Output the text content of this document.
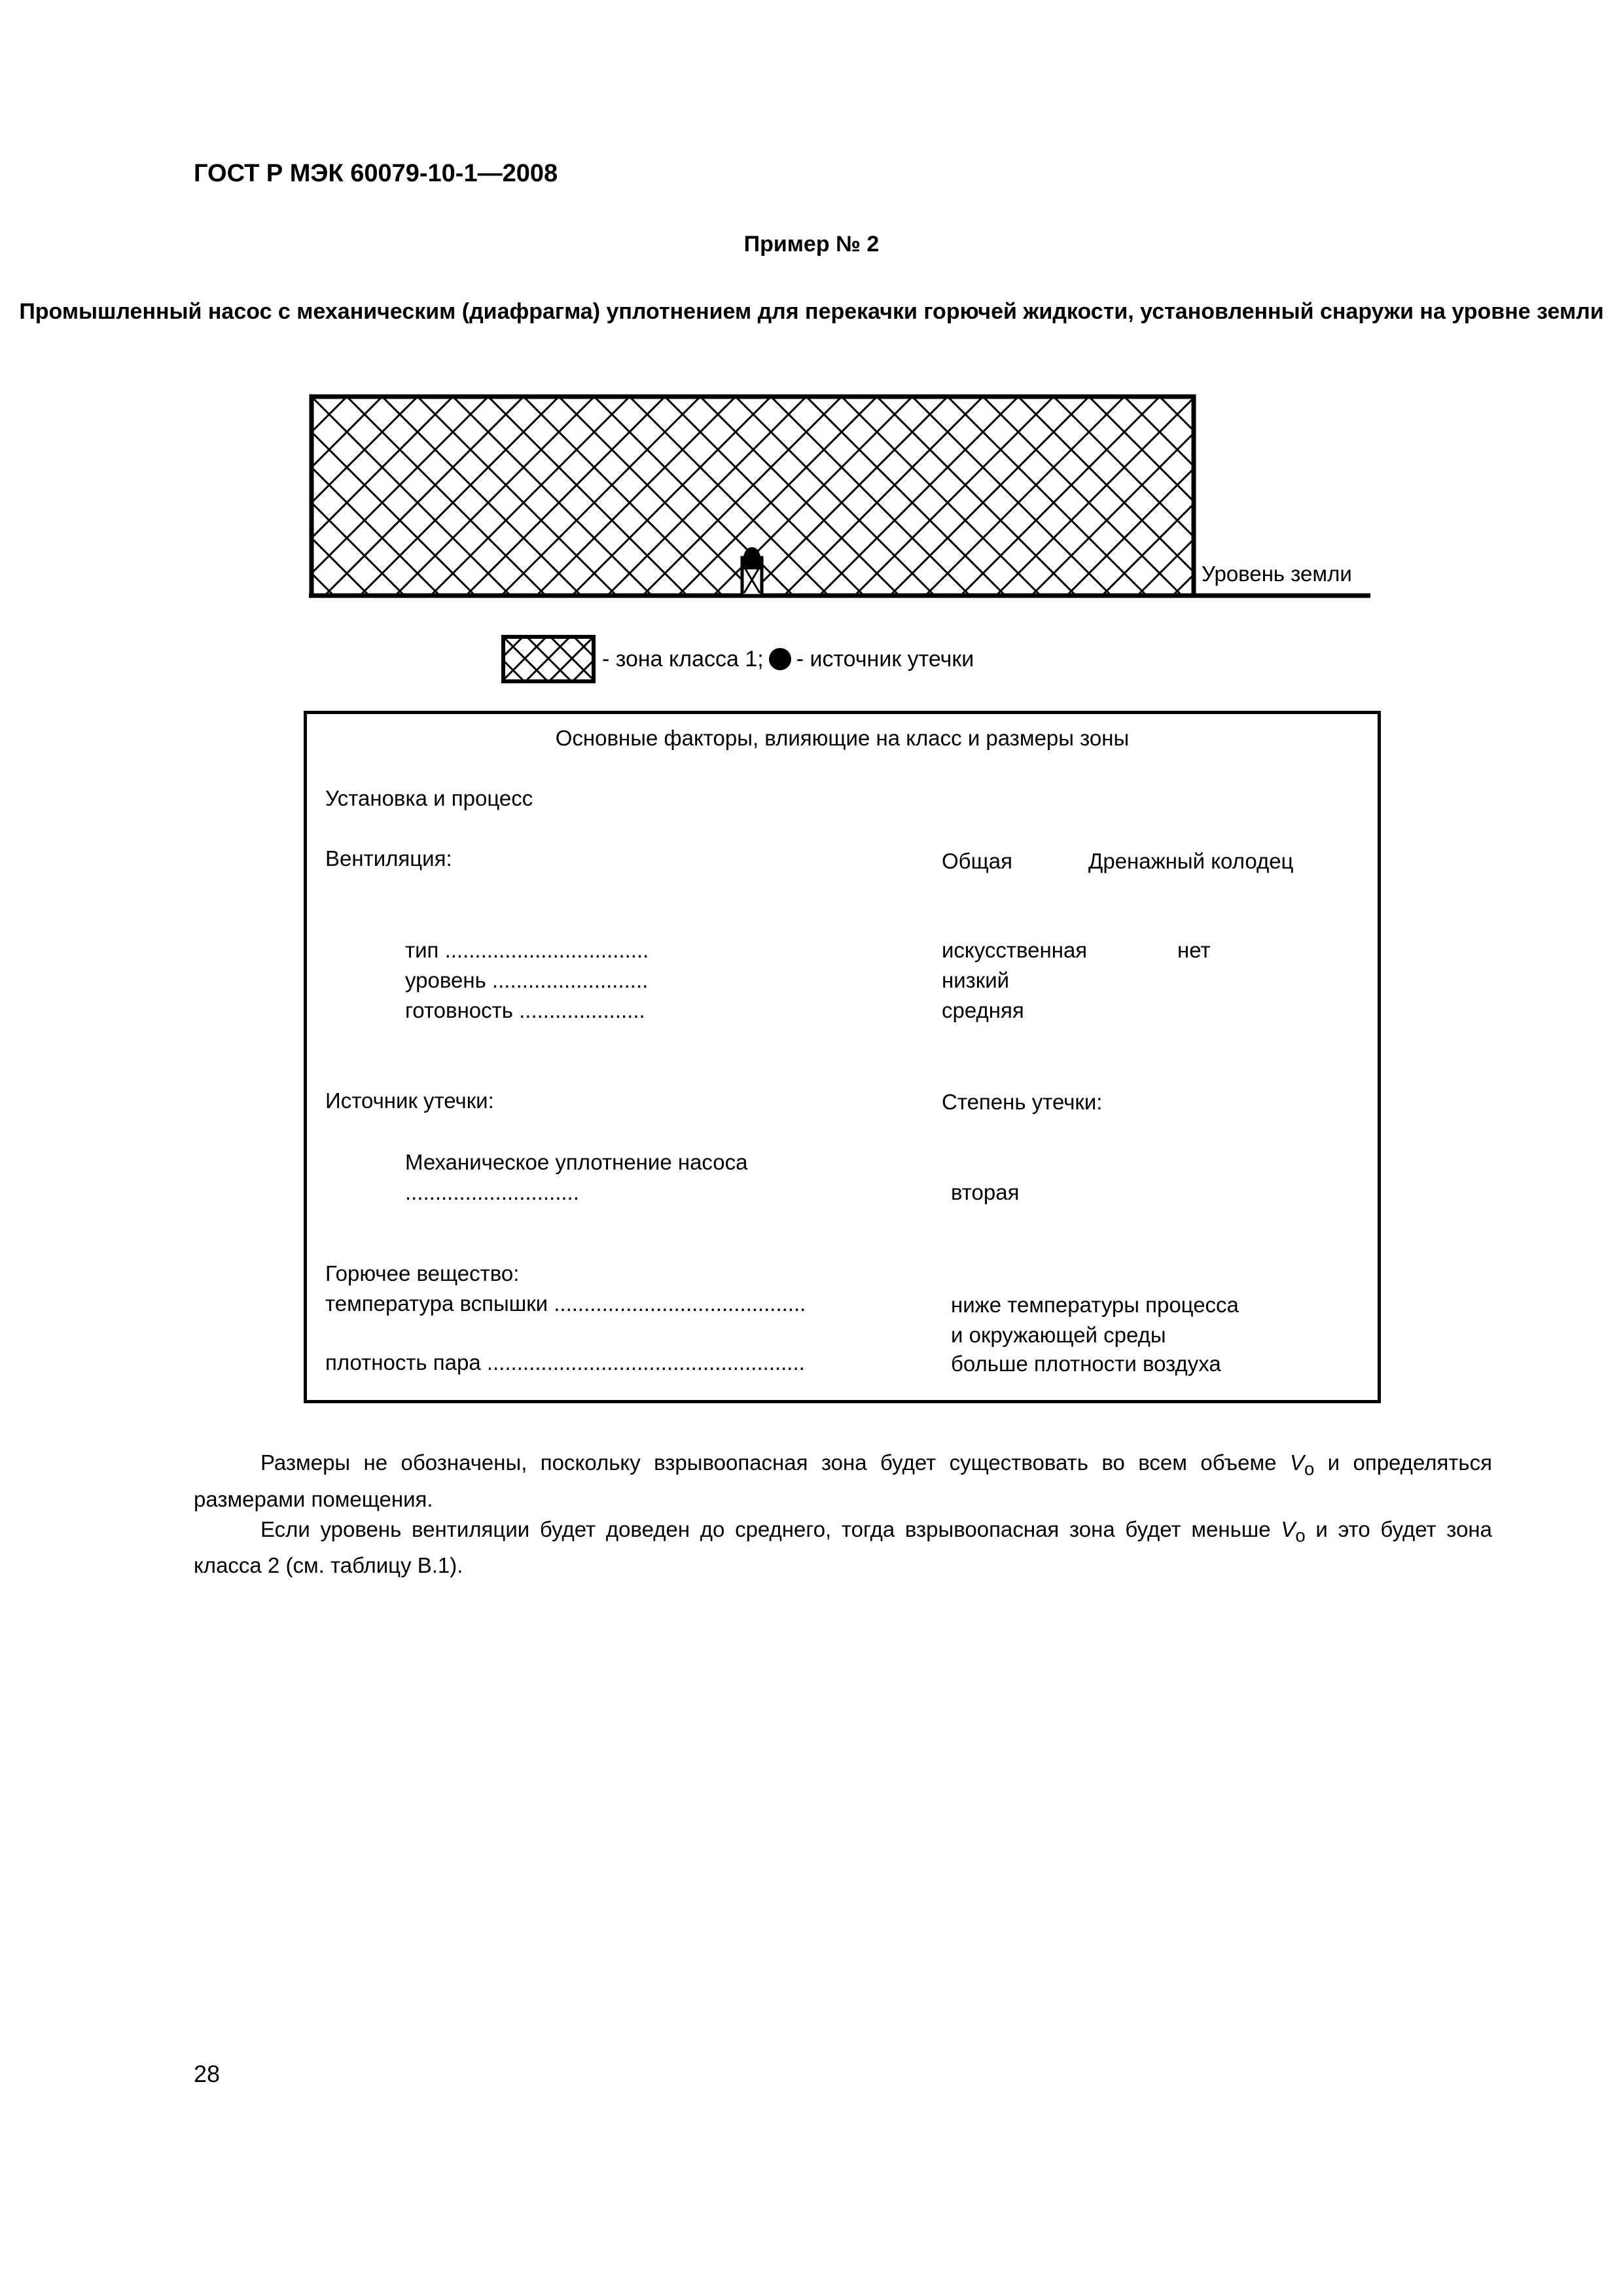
ГОСТ Р МЭК 60079-10-1—2008
Пример № 2
Промышленный насос с механическим (диафрагма) уплотнением для перекачки горючей жидкости, установленный снаружи на уровне земли
Уровень земли
- зона класса 1; - источник утечки
Основные факторы, влияющие на класс и размеры зоны
Установка и процесс
Вентиляция:	Общая	Дренажный колодец
тип ..................................	искусственная	нет
уровень ..........................	низкий
готовность .....................	средняя
Источник утечки:	Степень утечки:
Механическое уплотнение насоса
.............................	вторая
Горючее вещество:
температура вспышки ..........................................	ниже температуры процесса
и окружающей среды
плотность пара .....................................................	больше плотности воздуха

Размеры не обозначены, поскольку взрывоопасная зона будет существовать во всем объеме $V_o$ и определяться размерами помещения.

Если уровень вентиляции будет доведен до среднего, тогда взрывоопасная зона будет меньше $V_o$ и это будет зона класса 2 (см. таблицу В.1).

28
